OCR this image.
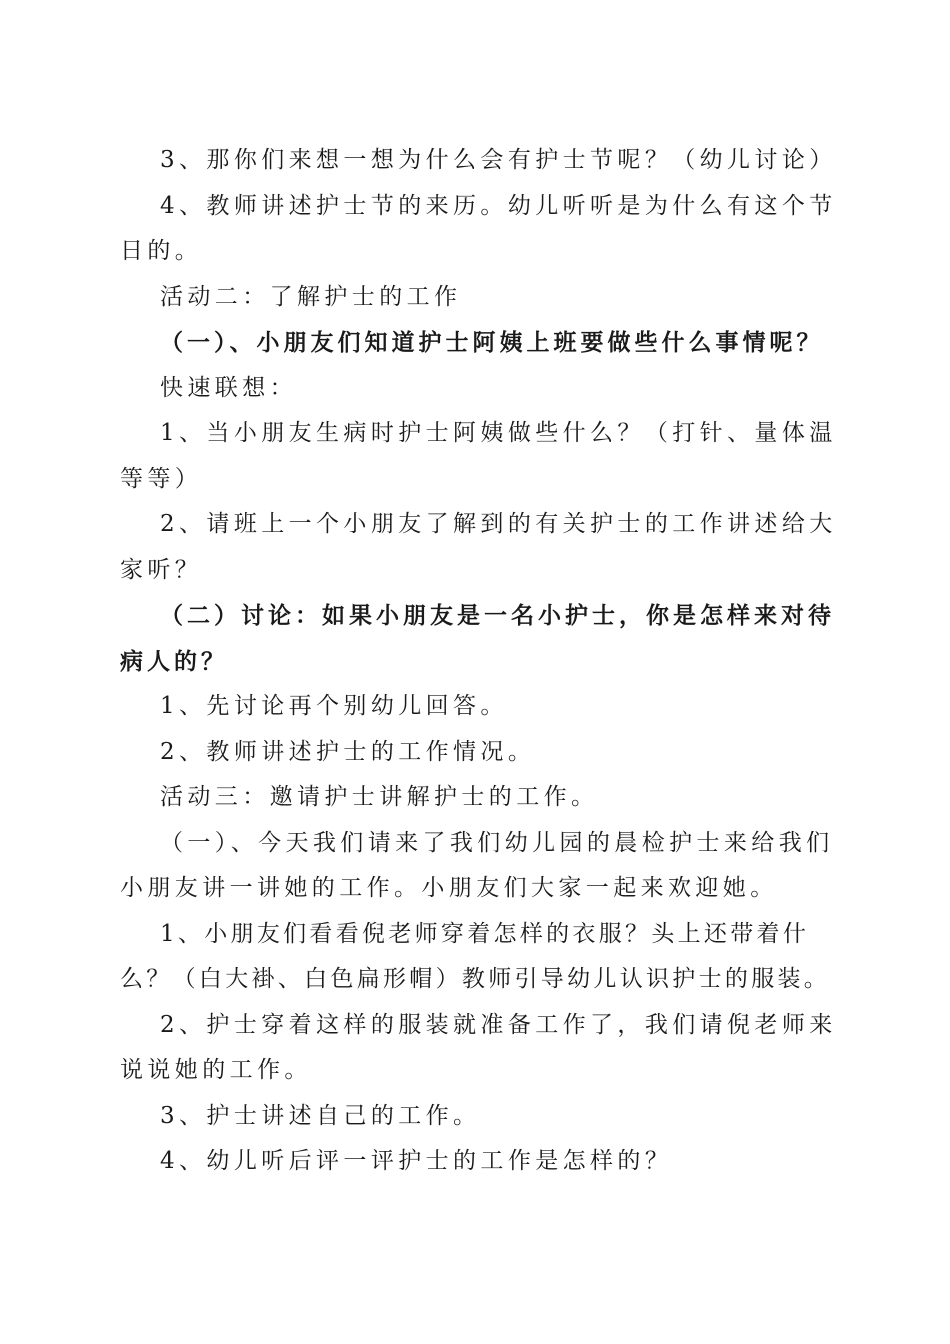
3、那你们来想一想为什么会有护士节呢？（幼儿讨论）

4、教师讲述护士节的来历。幼儿听听是为什么有这个节日的。

活动二：了解护士的工作

（一）、小朋友们知道护士阿姨上班要做些什么事情呢？

快速联想：

1、当小朋友生病时护士阿姨做些什么？（打针、量体温等等）

2、请班上一个小朋友了解到的有关护士的工作讲述给大家听？

（二）讨论：如果小朋友是一名小护士，你是怎样来对待病人的？

1、先讨论再个别幼儿回答。

2、教师讲述护士的工作情况。

活动三：邀请护士讲解护士的工作。

（一）、今天我们请来了我们幼儿园的晨检护士来给我们小朋友讲一讲她的工作。小朋友们大家一起来欢迎她。

1、小朋友们看看倪老师穿着怎样的衣服？头上还带着什么？（白大褂、白色扁形帽）教师引导幼儿认识护士的服装。

2、护士穿着这样的服装就准备工作了，我们请倪老师来说说她的工作。

3、护士讲述自己的工作。

4、幼儿听后评一评护士的工作是怎样的？
